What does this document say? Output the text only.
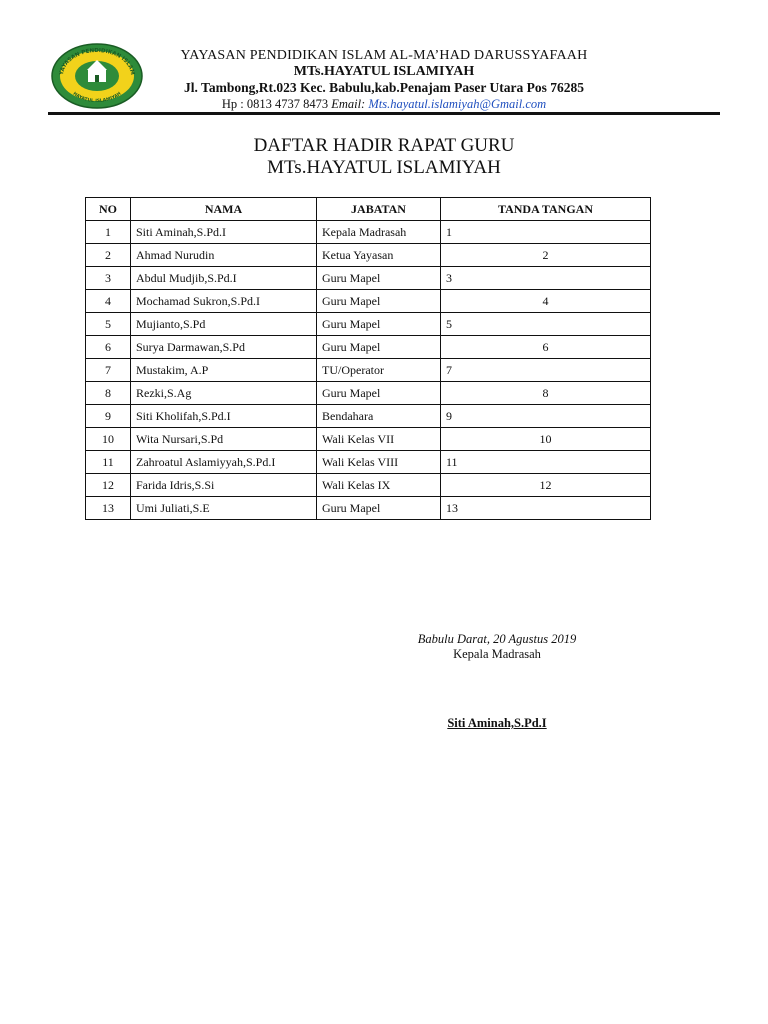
YAYASAN PENDIDIKAN ISLAM
HAYATUL ISLAMIYAH
YAYASAN PENDIDIKAN ISLAM AL-MA’HAD DARUSSYAFAAH
MTs.HAYATUL ISLAMIYAH
Jl. Tambong,Rt.023 Kec. Babulu,kab.Penajam Paser Utara Pos 76285
Hp : 0813 4737 8473 Email: Mts.hayatul.islamiyah@Gmail.com
DAFTAR HADIR RAPAT GURU
MTs.HAYATUL ISLAMIYAH
NO	NAMA	JABATAN	TANDA TANGAN
1	Siti Aminah,S.Pd.I	Kepala Madrasah	1
2	Ahmad Nurudin	Ketua Yayasan	2
3	Abdul Mudjib,S.Pd.I	Guru Mapel	3
4	Mochamad Sukron,S.Pd.I	Guru Mapel	4
5	Mujianto,S.Pd	Guru Mapel	5
6	Surya Darmawan,S.Pd	Guru Mapel	6
7	Mustakim, A.P	TU/Operator	7
8	Rezki,S.Ag	Guru Mapel	8
9	Siti Kholifah,S.Pd.I	Bendahara	9
10	Wita Nursari,S.Pd	Wali Kelas VII	10
11	Zahroatul Aslamiyyah,S.Pd.I	Wali Kelas VIII	11
12	Farida Idris,S.Si	Wali Kelas IX	12
13	Umi Juliati,S.E	Guru Mapel	13
Babulu Darat, 20 Agustus 2019
Kepala Madrasah
Siti Aminah,S.Pd.I
